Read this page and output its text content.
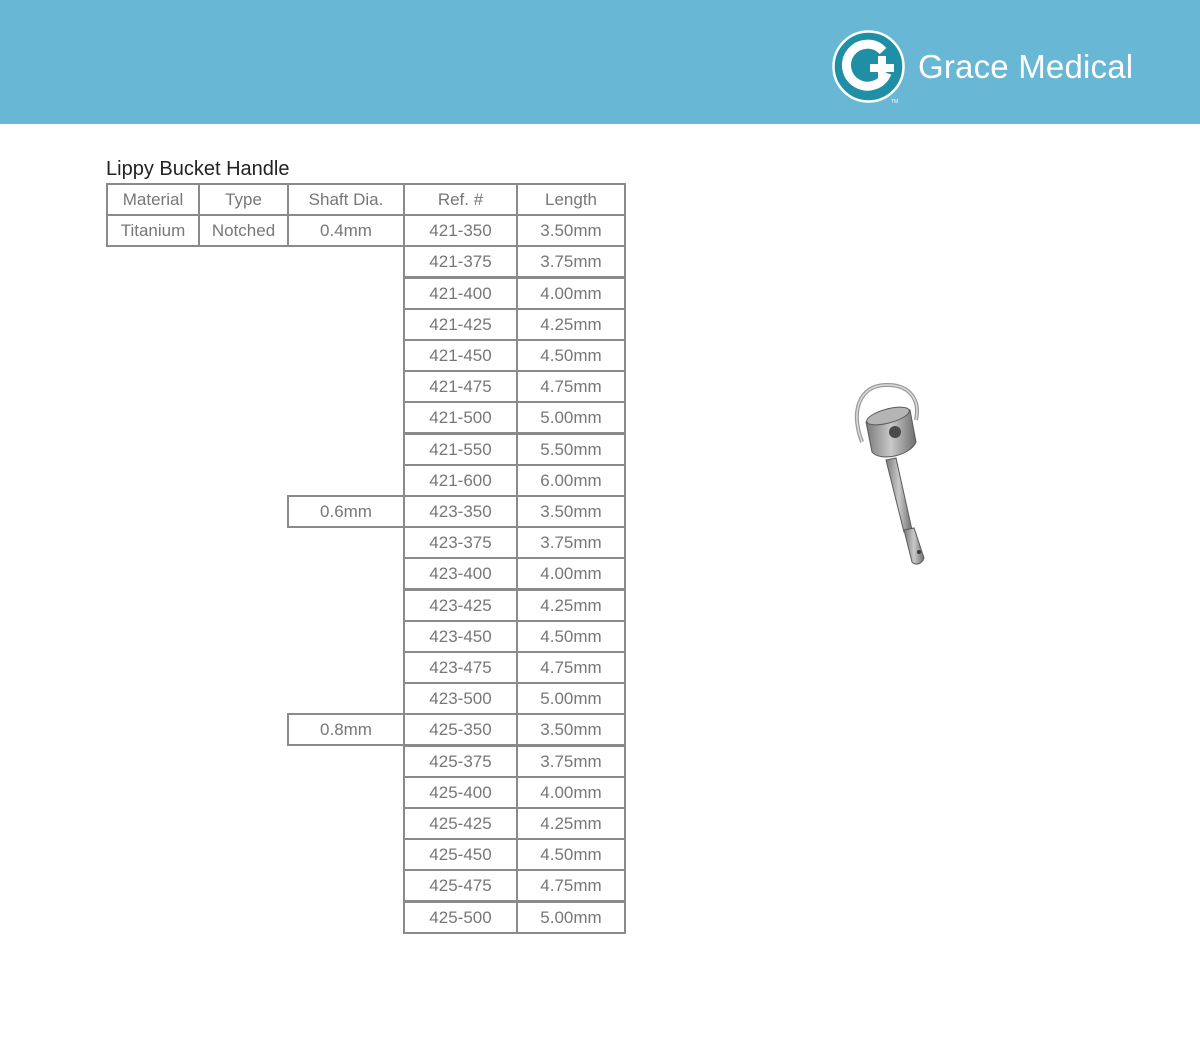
TM
Grace Medical
Lippy Bucket Handle
Material	Type	Shaft Dia.	Ref. #	Length
Titanium	Notched	0.4mm	421-350	3.50mm
421-375	3.75mm
421-400	4.00mm
421-425	4.25mm
421-450	4.50mm
421-475	4.75mm
421-500	5.00mm
421-550	5.50mm
421-600	6.00mm
0.6mm	423-350	3.50mm
423-375	3.75mm
423-400	4.00mm
423-425	4.25mm
423-450	4.50mm
423-475	4.75mm
423-500	5.00mm
0.8mm	425-350	3.50mm
425-375	3.75mm
425-400	4.00mm
425-425	4.25mm
425-450	4.50mm
425-475	4.75mm
425-500	5.00mm
